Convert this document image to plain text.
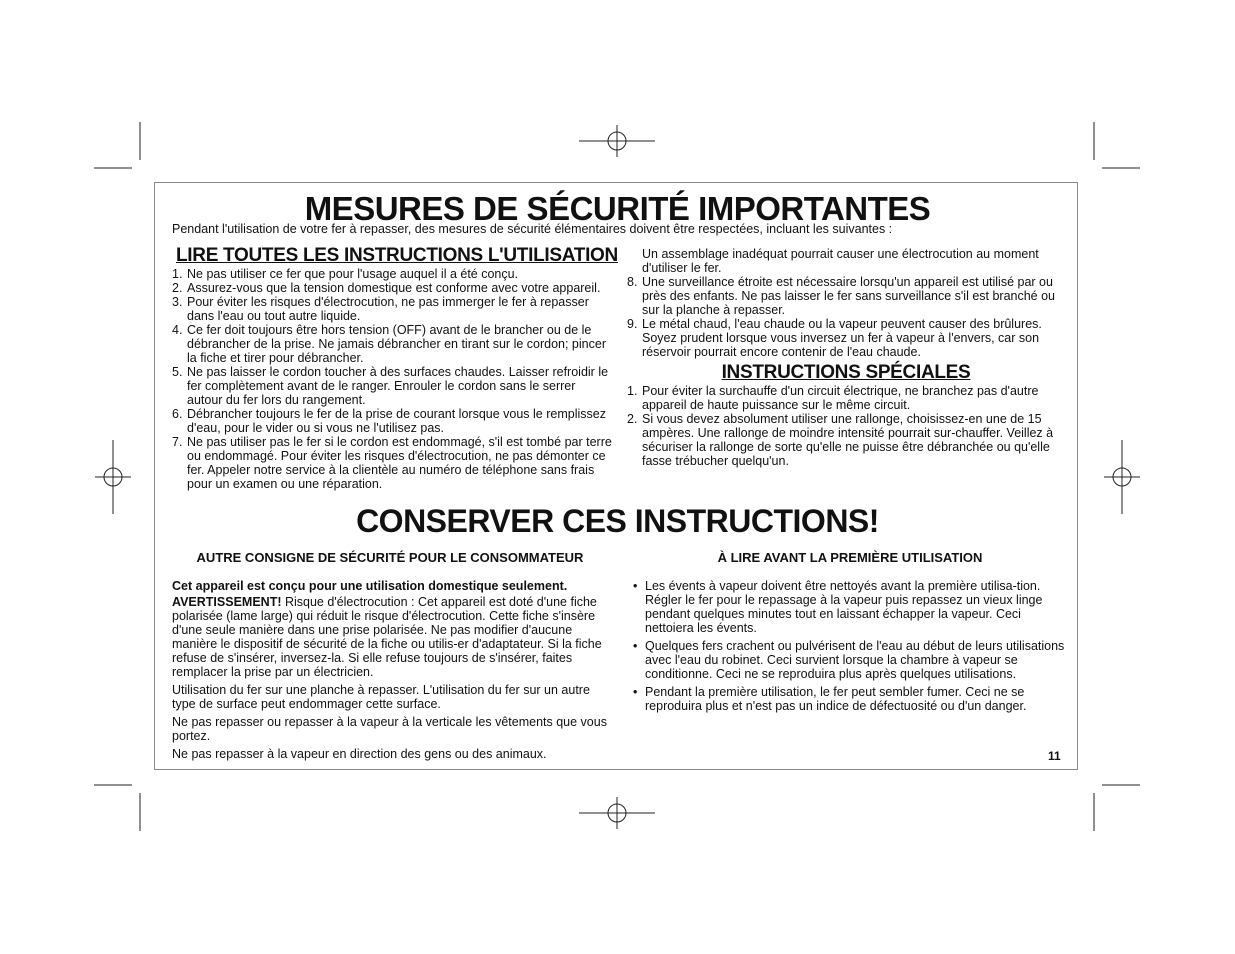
MESURES DE SÉCURITÉ IMPORTANTES
Pendant l'utilisation de votre fer à repasser, des mesures de sécurité élémentaires doivent être respectées, incluant les suivantes :
LIRE TOUTES LES INSTRUCTIONS L'UTILISATION
1. Ne pas utiliser ce fer que pour l'usage auquel il a été conçu.
2. Assurez-vous que la tension domestique est conforme avec votre appareil.
3. Pour éviter les risques d'électrocution, ne pas immerger le fer à repasser dans l'eau ou tout autre liquide.
4. Ce fer doit toujours être hors tension (OFF) avant de le brancher ou de le débrancher de la prise. Ne jamais débrancher en tirant sur le cordon; pincer la fiche et tirer pour débrancher.
5. Ne pas laisser le cordon toucher à des surfaces chaudes. Laisser refroidir le fer complètement avant de le ranger. Enrouler le cordon sans le serrer autour du fer lors du rangement.
6. Débrancher toujours le fer de la prise de courant lorsque vous le remplissez d'eau, pour le vider ou si vous ne l'utilisez pas.
7. Ne pas utiliser pas le fer si le cordon est endommagé, s'il est tombé par terre ou endommagé. Pour éviter les risques d'électrocution, ne pas démonter ce fer. Appeler notre service à la clientèle au numéro de téléphone sans frais pour un examen ou une réparation.
Un assemblage inadéquat pourrait causer une électrocution au moment d'utiliser le fer.
8. Une surveillance étroite est nécessaire lorsqu'un appareil est utilisé par ou près des enfants. Ne pas laisser le fer sans surveillance s'il est branché ou sur la planche à repasser.
9. Le métal chaud, l'eau chaude ou la vapeur peuvent causer des brûlures. Soyez prudent lorsque vous inversez un fer à vapeur à l'envers, car son réservoir pourrait encore contenir de l'eau chaude.
INSTRUCTIONS SPÉCIALES
1. Pour éviter la surchauffe d'un circuit électrique, ne branchez pas d'autre appareil de haute puissance sur le même circuit.
2. Si vous devez absolument utiliser une rallonge, choisissez-en une de 15 ampères. Une rallonge de moindre intensité pourrait sur-chauffer. Veillez à sécuriser la rallonge de sorte qu'elle ne puisse être débranchée ou qu'elle fasse trébucher quelqu'un.
CONSERVER CES INSTRUCTIONS!
AUTRE CONSIGNE DE SÉCURITÉ POUR LE CONSOMMATEUR

Cet appareil est conçu pour une utilisation domestique seulement.

AVERTISSEMENT! Risque d'électrocution : Cet appareil est doté d'une fiche polarisée (lame large) qui réduit le risque d'électrocution. Cette fiche s'insère d'une seule manière dans une prise polarisée. Ne pas modifier d'aucune manière le dispositif de sécurité de la fiche ou utilis-er d'adaptateur. Si la fiche refuse de s'insérer, inversez-la. Si elle refuse toujours de s'insérer, faites remplacer la prise par un électricien.

Utilisation du fer sur une planche à repasser. L'utilisation du fer sur un autre type de surface peut endommager cette surface.

Ne pas repasser ou repasser à la vapeur à la verticale les vêtements que vous portez.

Ne pas repasser à la vapeur en direction des gens ou des animaux.

À LIRE AVANT LA PREMIÈRE UTILISATION
• Les évents à vapeur doivent être nettoyés avant la première utilisa-tion. Régler le fer pour le repassage à la vapeur puis repassez un vieux linge pendant quelques minutes tout en laissant échapper la vapeur. Ceci nettoiera les évents.
• Quelques fers crachent ou pulvérisent de l'eau au début de leurs utilisations avec l'eau du robinet. Ceci survient lorsque la chambre à vapeur se conditionne. Ceci ne se reproduira plus après quelques utilisations.
• Pendant la première utilisation, le fer peut sembler fumer. Ceci ne se reproduira plus et n'est pas un indice de défectuosité ou d'un danger.
11
